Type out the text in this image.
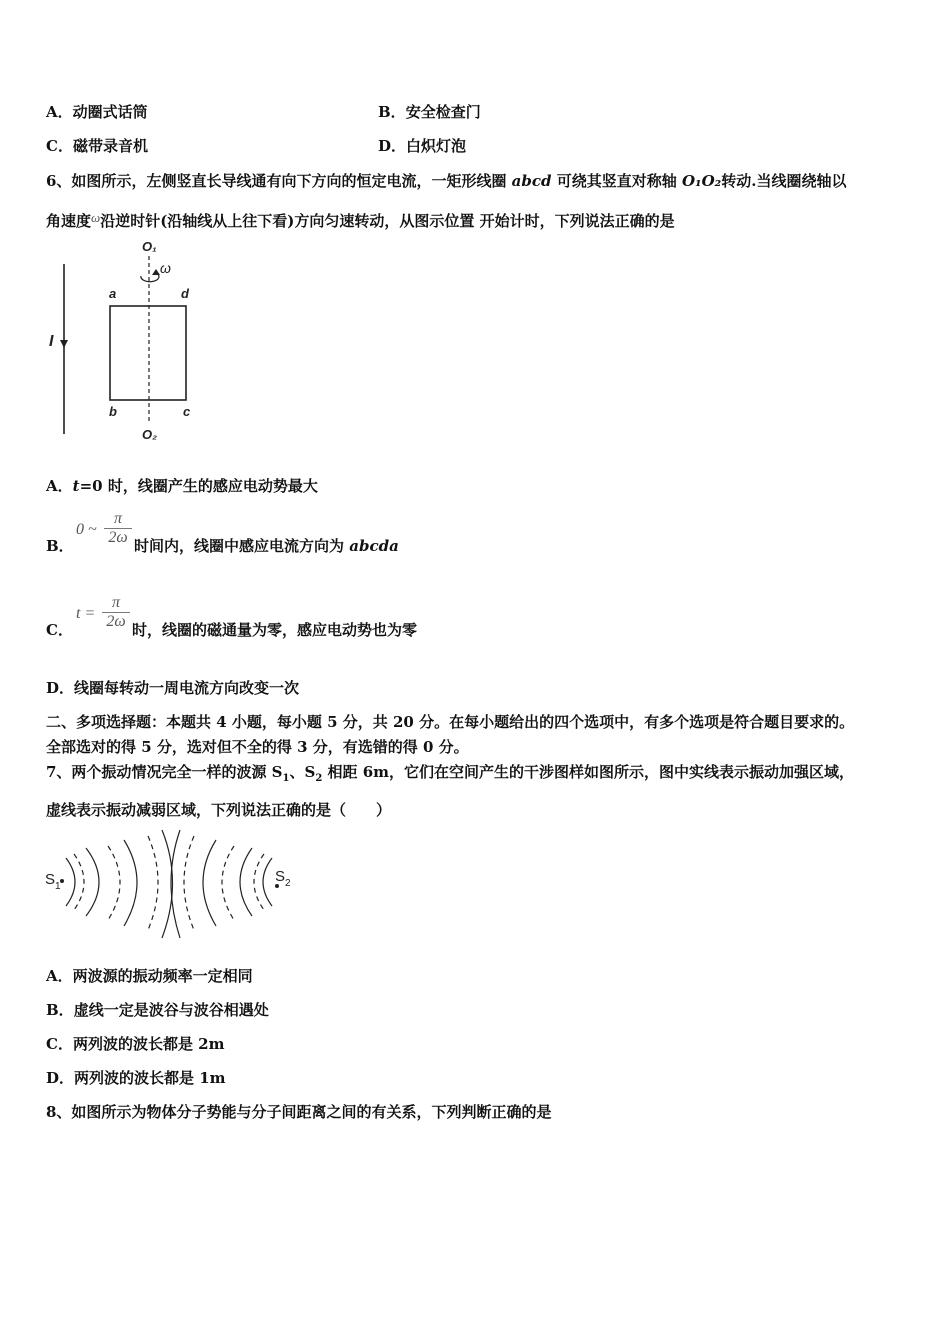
A．动圈式话筒	B．安全检查门
C．磁带录音机	D．白炽灯泡
6、如图所示，左侧竖直长导线通有向下方向的恒定电流，一矩形线圈 abcd 可绕其竖直对称轴 O₁O₂转动.当线圈绕轴以
角速度ω沿逆时针(沿轴线从上往下看)方向匀速转动，从图示位置 开始计时，下列说法正确的是
I
ω
O₁
O₂
a	d
b	c
A．t=0 时，线圈产生的感应电动势最大
B．
0 ~
π
2ω 时间内，线圈中感应电流方向为 abcda
C．
t =
π
2ω 时，线圈的磁通量为零，感应电动势也为零
D．线圈每转动一周电流方向改变一次
二、多项选择题：本题共 4 小题，每小题 5 分，共 20 分。在每小题给出的四个选项中，有多个选项是符合题目要求的。
全部选对的得 5 分，选对但不全的得 3 分，有选错的得 0 分。
7、两个振动情况完全一样的波源 $S_1$、$S_2$ 相距 6m，它们在空间产生的干涉图样如图所示，图中实线表示振动加强区域，
虚线表示振动减弱区域，下列说法正确的是（　　）
$S_1$
$S_2$
A．两波源的振动频率一定相同
B．虚线一定是波谷与波谷相遇处
C．两列波的波长都是 2m
D．两列波的波长都是 1m
8、如图所示为物体分子势能与分子间距离之间的有关系，下列判断正确的是
